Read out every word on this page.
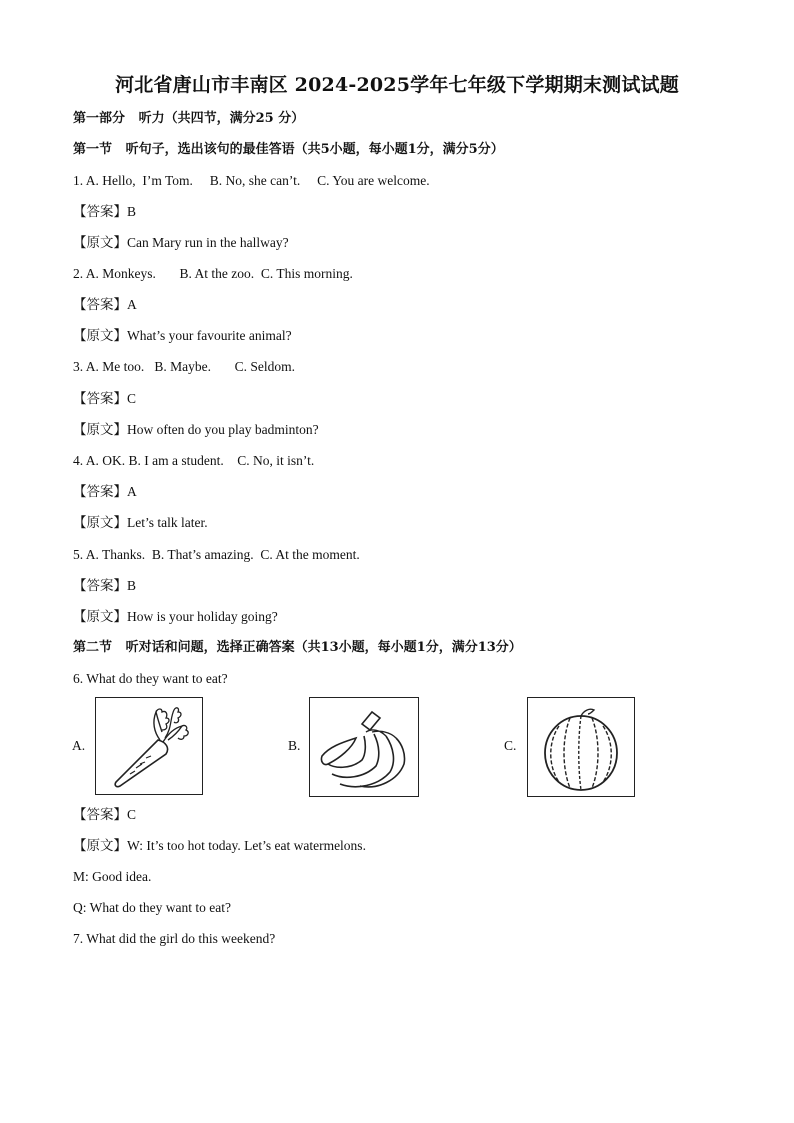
河北省唐山市丰南区 2024-2025学年七年级下学期期末测试试题
第一部分   听力（共四节，满分25 分）
第一节   听句子，选出该句的最佳答语（共5小题，每小题1分，满分5分）
1. A. Hello,  I’m Tom.     B. No, she can’t.     C. You are welcome.
【答案】B
【原文】Can Mary run in the hallway?
2. A. Monkeys.       B. At the zoo.  C. This morning.
【答案】A
【原文】What’s your favourite animal?
3. A. Me too.   B. Maybe.       C. Seldom.
【答案】C
【原文】How often do you play badminton?
4. A. OK. B. I am a student.    C. No, it isn’t.
【答案】A
【原文】Let’s talk later.
5. A. Thanks.  B. That’s amazing.  C. At the moment.
【答案】B
【原文】How is your holiday going?
第二节   听对话和问题，选择正确答案（共13小题，每小题1分，满分13分）
6. What do they want to eat?
A.	B.	C.
【答案】C
【原文】W: It’s too hot today. Let’s eat watermelons.
M: Good idea.
Q: What do they want to eat?
7. What did the girl do this weekend?
